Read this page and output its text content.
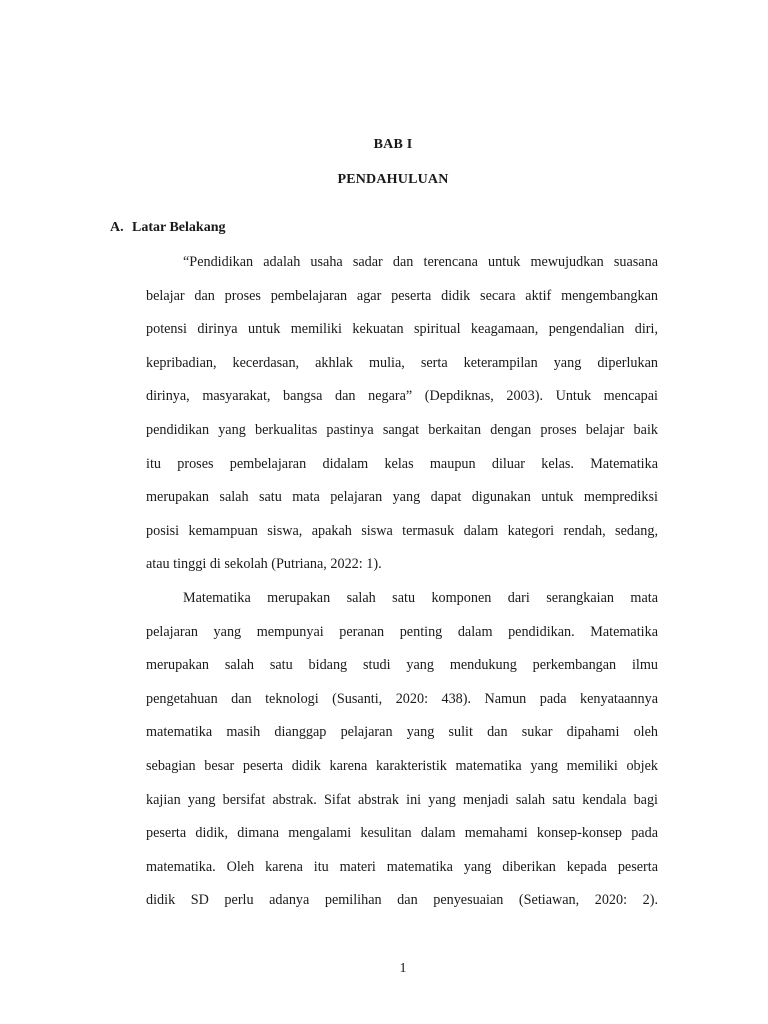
BAB I
PENDAHULUAN
A. Latar Belakang

“Pendidikan adalah usaha sadar dan terencana untuk mewujudkan suasana
belajar dan proses pembelajaran agar peserta didik secara aktif mengembangkan
potensi dirinya untuk memiliki kekuatan spiritual keagamaan, pengendalian diri,
kepribadian, kecerdasan, akhlak mulia, serta keterampilan yang diperlukan
dirinya, masyarakat, bangsa dan negara” (Depdiknas, 2003). Untuk mencapai
pendidikan yang berkualitas pastinya sangat berkaitan dengan proses belajar baik
itu proses pembelajaran didalam kelas maupun diluar kelas. Matematika
merupakan salah satu mata pelajaran yang dapat digunakan untuk memprediksi
posisi kemampuan siswa, apakah siswa termasuk dalam kategori rendah, sedang,
atau tinggi di sekolah (Putriana, 2022: 1).

Matematika merupakan salah satu komponen dari serangkaian mata
pelajaran yang mempunyai peranan penting dalam pendidikan. Matematika
merupakan salah satu bidang studi yang mendukung perkembangan ilmu
pengetahuan dan teknologi (Susanti, 2020: 438). Namun pada kenyataannya
matematika masih dianggap pelajaran yang sulit dan sukar dipahami oleh
sebagian besar peserta didik karena karakteristik matematika yang memiliki objek
kajian yang bersifat abstrak. Sifat abstrak ini yang menjadi salah satu kendala bagi
peserta didik, dimana mengalami kesulitan dalam memahami konsep-konsep pada
matematika. Oleh karena itu materi matematika yang diberikan kepada peserta
didik SD perlu adanya pemilihan dan penyesuaian (Setiawan, 2020: 2).

1
